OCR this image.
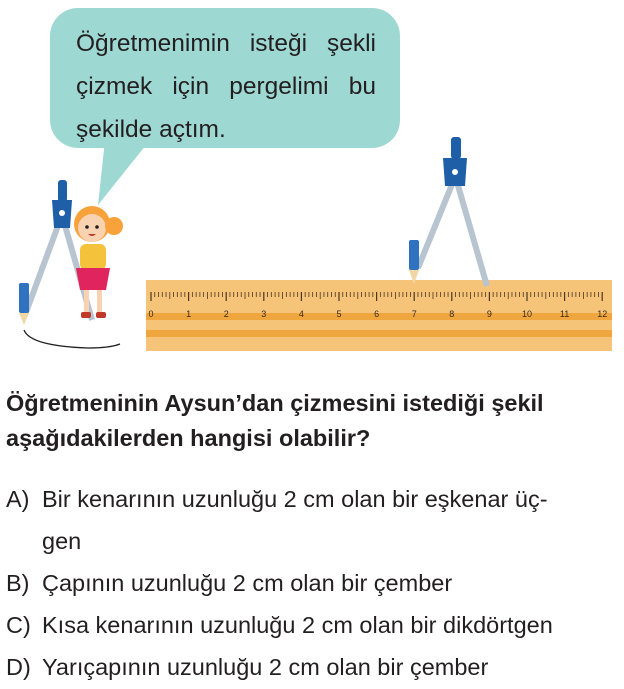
0	1	2	3	4	5	6	7	8	9	10	11	12
Öğretmenimin isteği şekli çizmek için pergelimi bu şekilde açtım.
Öğretmeninin Aysun’dan çizmesini istediği şekil aşağıdakilerden hangisi olabilir?
A) Bir kenarının uzunluğu 2 cm olan bir eşkenar üç-
gen
B) Çapının uzunluğu 2 cm olan bir çember
C) Kısa kenarının uzunluğu 2 cm olan bir dikdörtgen
D) Yarıçapının uzunluğu 2 cm olan bir çember
